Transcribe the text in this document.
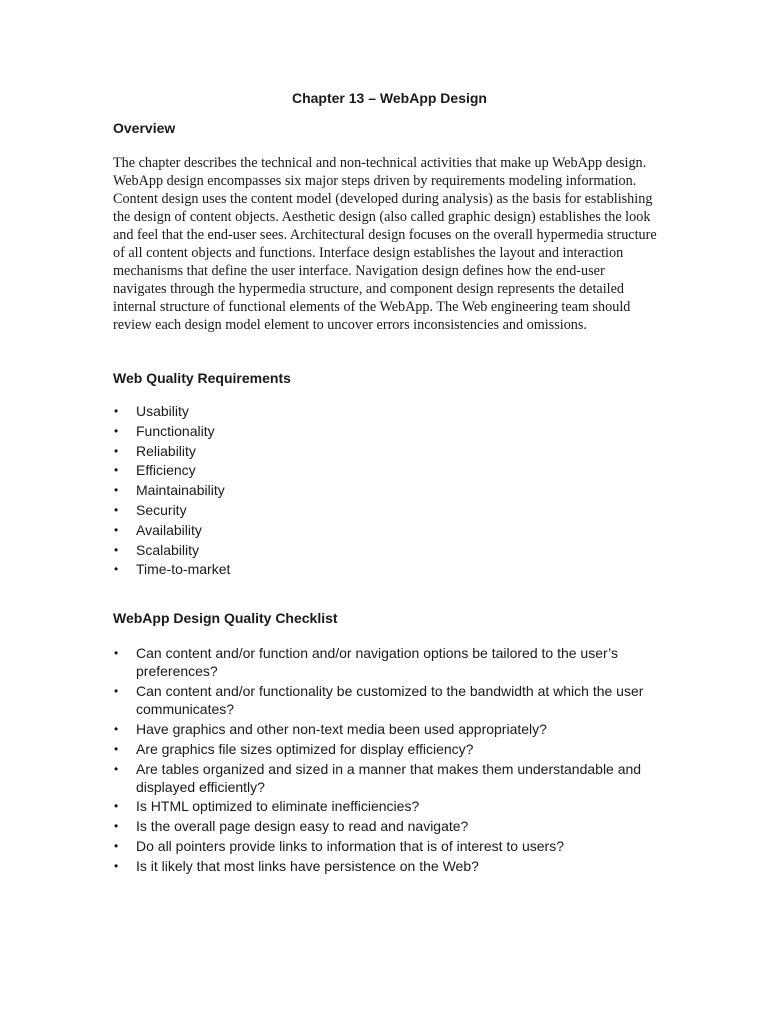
Chapter 13 – WebApp Design
Overview

The chapter describes the technical and non-technical activities that make up WebApp design. WebApp design encompasses six major steps driven by requirements modeling information. Content design uses the content model (developed during analysis) as the basis for establishing the design of content objects. Aesthetic design (also called graphic design) establishes the look and feel that the end-user sees. Architectural design focuses on the overall hypermedia structure of all content objects and functions. Interface design establishes the layout and interaction mechanisms that define the user interface. Navigation design defines how the end-user navigates through the hypermedia structure, and component design represents the detailed internal structure of functional elements of the WebApp. The Web engineering team should review each design model element to uncover errors inconsistencies and omissions.

Web Quality Requirements
• Usability
• Functionality
• Reliability
• Efficiency
• Maintainability
• Security
• Availability
• Scalability
• Time-to-market
WebApp Design Quality Checklist
• Can content and/or function and/or navigation options be tailored to the user’s preferences?
• Can content and/or functionality be customized to the bandwidth at which the user communicates?
• Have graphics and other non-text media been used appropriately?
• Are graphics file sizes optimized for display efficiency?
• Are tables organized and sized in a manner that makes them understandable and displayed efficiently?
• Is HTML optimized to eliminate inefficiencies?
• Is the overall page design easy to read and navigate?
• Do all pointers provide links to information that is of interest to users?
• Is it likely that most links have persistence on the Web?
